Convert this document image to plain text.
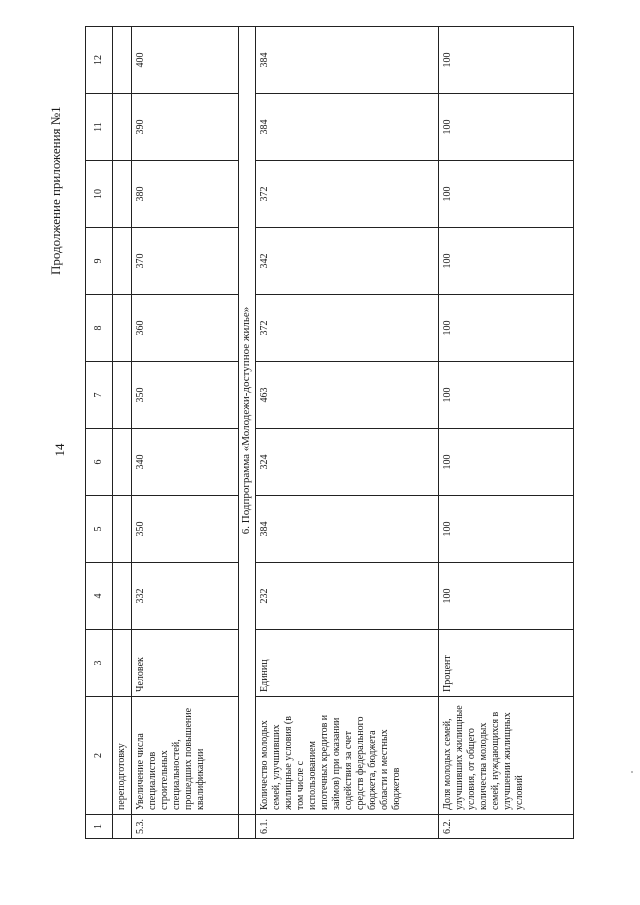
14
Продолжение приложения №1
1	2	3	4	5	6	7	8	9	10	11	12
	переподготовку										
5.3.	Увеличение числа специалистов строительных специальностей, прошедших повышение квалификации	Человек	332	350	340	350	360	370	380	390	400
	6. Подпрограмма «Молодежи-доступное жилье»										
6.1.	Количество молодых семей, улучшивших жилищные условия (в том числе с использованием ипотечных кредитов и займов) при оказании содействия за счет средств федерального бюджета, бюджета области и местных бюджетов	Единиц	232	384	324	463	372	342	372	384	384
6.2.	Доля молодых семей, улучшивших жилищные условия, от общего количества молодых семей, нуждающихся в улучшении жилищных условий	Процент	100	100	100	100	100	100	100	100	100
